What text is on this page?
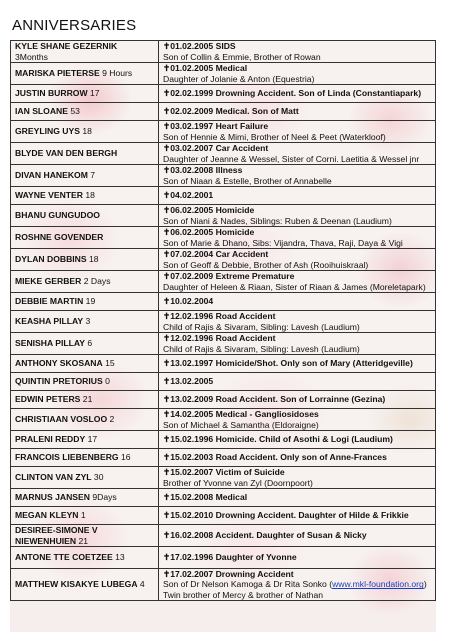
ANNIVERSARIES
KYLE SHANE GEZERNIK
3Months	✝01.02.2005 SIDS
Son of Collin & Emmie, Brother of Rowan
MARISKA PIETERSE 9 Hours	✝01.02.2005 Medical
Daughter of Jolanie & Anton (Equestria)
JUSTIN BURROW 17	✝02.02.1999 Drowning Accident. Son of Linda (Constantiapark)
IAN SLOANE 53	✝02.02.2009 Medical. Son of Matt
GREYLING UYS 18	✝03.02.1997 Heart Failure
Son of Hennie & Mimi, Brother of Neel & Peet (Waterkloof)
BLYDE VAN DEN BERGH	✝03.02.2007 Car Accident
Daughter of Jeanne & Wessel, Sister of Corni. Laetitia & Wessel jnr
DIVAN HANEKOM 7	✝03.02.2008 Illness
Son of Niaan & Estelle, Brother of Annabelle
WAYNE VENTER 18	✝04.02.2001
BHANU GUNGUDOO	✝06.02.2005 Homicide
Son of Niani & Nades, Siblings: Ruben & Deenan (Laudium)
ROSHNE GOVENDER	✝06.02.2005 Homicide
Son of Marie & Dhano, Sibs: Vijandra, Thava, Raji, Daya & Vigi
DYLAN DOBBINS 18	✝07.02.2004 Car Accident
Son of Geoff & Debbie, Brother of Ash (Rooihuiskraal)
MIEKE GERBER 2 Days	✝07.02.2009 Extreme Premature
Daughter of Heleen & Riaan, Sister of Riaan & James (Moreletapark)
DEBBIE MARTIN 19	✝10.02.2004
KEASHA PILLAY 3	✝12.02.1996 Road Accident
Child of Rajis & Sivaram, Sibling: Lavesh (Laudium)
SENISHA PILLAY 6	✝12.02.1996 Road Accident
Child of Rajis & Sivaram, Sibling: Lavesh (Laudium)
ANTHONY SKOSANA 15	✝13.02.1997 Homicide/Shot. Only son of Mary (Atteridgeville)
QUINTIN PRETORIUS 0	✝13.02.2005
EDWIN PETERS 21	✝13.02.2009 Road Accident. Son of Lorrainne (Gezina)
CHRISTIAAN VOSLOO 2	✝14.02.2005 Medical - Gangliosidoses
Son of Michael & Samantha (Eldoraigne)
PRALENI REDDY 17	✝15.02.1996 Homicide. Child of Asothi & Logi (Laudium)
FRANCOIS LIEBENBERG 16	✝15.02.2003 Road Accident. Only son of Anne-Frances
CLINTON VAN ZYL 30	✝15.02.2007 Victim of Suicide
Brother of Yvonne van Zyl (Doornpoort)
MARNUS JANSEN 9Days	✝15.02.2008 Medical
MEGAN KLEYN 1	✝15.02.2010 Drowning Accident. Daughter of Hilde & Frikkie
DESIREE-SIMONE V NIEWENHUIEN 21	✝16.02.2008 Accident. Daughter of Susan & Nicky
ANTONE TTE COETZEE 13	✝17.02.1996 Daughter of Yvonne
MATTHEW KISAKYE LUBEGA 4	✝17.02.2007 Drowning Accident
Son of Dr Nelson Kamoga & Dr Rita Sonko (www.mkl-foundation.org) Twin brother of Mercy & brother of Nathan
